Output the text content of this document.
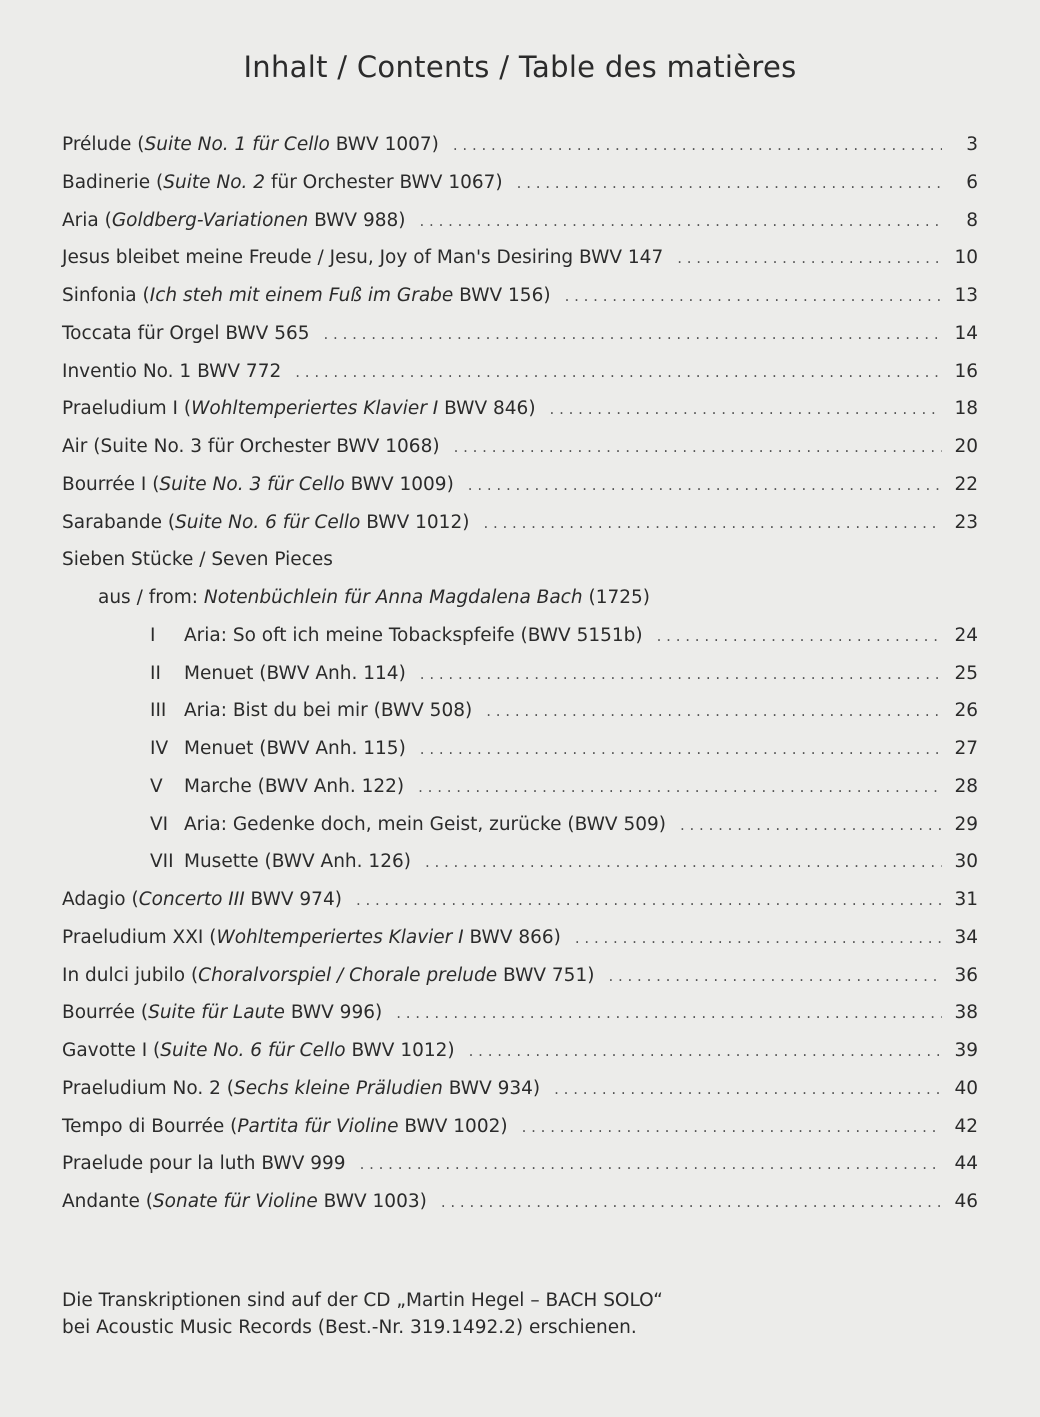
Inhalt / Contents / Table des matières
Prélude (Suite No. 1 für Cello BWV 1007) . . .	3
Badinerie (Suite No. 2 für Orchester BWV 1067) . . .	6
Aria (Goldberg-Variationen BWV 988) . . .	8
Jesus bleibet meine Freude / Jesu, Joy of Man's Desiring BWV 147 . . .	10
Sinfonia (Ich steh mit einem Fuß im Grabe BWV 156) . . .	13
Toccata für Orgel BWV 565 . . .	14
Inventio No. 1 BWV 772 . . .	16
Praeludium I (Wohltemperiertes Klavier I BWV 846) . . .	18
Air (Suite No. 3 für Orchester BWV 1068) . . .	20
Bourrée I (Suite No. 3 für Cello BWV 1009) . . .	22
Sarabande (Suite No. 6 für Cello BWV 1012) . . .	23
Sieben Stücke / Seven Pieces
aus / from: Notenbüchlein für Anna Magdalena Bach (1725)
I	Aria: So oft ich meine Tobackspfeife (BWV 5151b) . . .	24
II	Menuet (BWV Anh. 114) . . .	25
III Aria: Bist du bei mir (BWV 508) . . .	26
IV Menuet (BWV Anh. 115) . . .	27
V	Marche (BWV Anh. 122) . . .	28
VI Aria: Gedenke doch, mein Geist, zurücke (BWV 509) . . .	29
VII Musette (BWV Anh. 126) . . .	30
Adagio (Concerto III BWV 974) . . .	31
Praeludium XXI (Wohltemperiertes Klavier I BWV 866) . . .	34
In dulci jubilo (Choralvorspiel / Chorale prelude BWV 751) . . .	36
Bourrée (Suite für Laute BWV 996) . . .	38
Gavotte I (Suite No. 6 für Cello BWV 1012) . . .	39
Praeludium No. 2 (Sechs kleine Präludien BWV 934) . . .	40
Tempo di Bourrée (Partita für Violine BWV 1002) . . .	42
Praelude pour la luth BWV 999 . . .	44
Andante (Sonate für Violine BWV 1003) . . .	46

Die Transkriptionen sind auf der CD „Martin Hegel – BACH SOLO“

bei Acoustic Music Records (Best.-Nr. 319.1492.2) erschienen.
